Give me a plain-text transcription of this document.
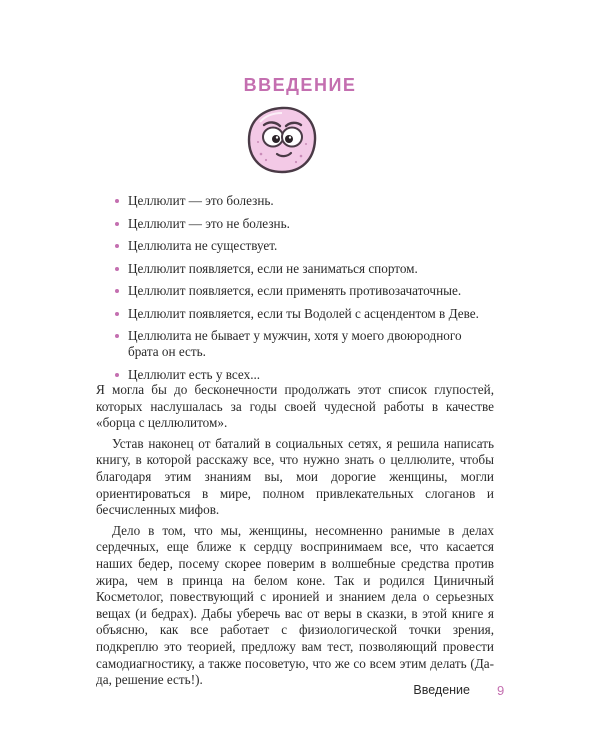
ВВЕДЕНИЕ
Целлюлит — это болезнь.
Целлюлит — это не болезнь.
Целлюлита не существует.
Целлюлит появляется, если не заниматься спортом.
Целлюлит появляется, если применять противозачаточные.
Целлюлит появляется, если ты Водолей с асцендентом в Деве.
Целлюлита не бывает у мужчин, хотя у моего двоюродного брата он есть.
Целлюлит есть у всех...

Я могла бы до бесконечности продолжать этот список глупостей, которых наслушалась за годы своей чудесной работы в качестве «борца с целлюлитом».

Устав наконец от баталий в социальных сетях, я решила написать книгу, в которой расскажу все, что нужно знать о целлюлите, чтобы благодаря этим знаниям вы, мои дорогие женщины, могли ориентироваться в мире, полном привлекательных слоганов и бесчисленных мифов.

Дело в том, что мы, женщины, несомненно ранимые в делах сердечных, еще ближе к сердцу воспринимаем все, что касается наших бедер, посему скорее поверим в волшебные средства против жира, чем в принца на белом коне. Так и родился Циничный Косметолог, повествующий с иронией и знанием дела о серьезных вещах (и бедрах). Дабы уберечь вас от веры в сказки, в этой книге я объясню, как все работает с физиологической точки зрения, подкреплю это теорией, предложу вам тест, позволяющий провести самодиагностику, а также посоветую, что же со всем этим делать (Да-да, решение есть!).

Введение 9
